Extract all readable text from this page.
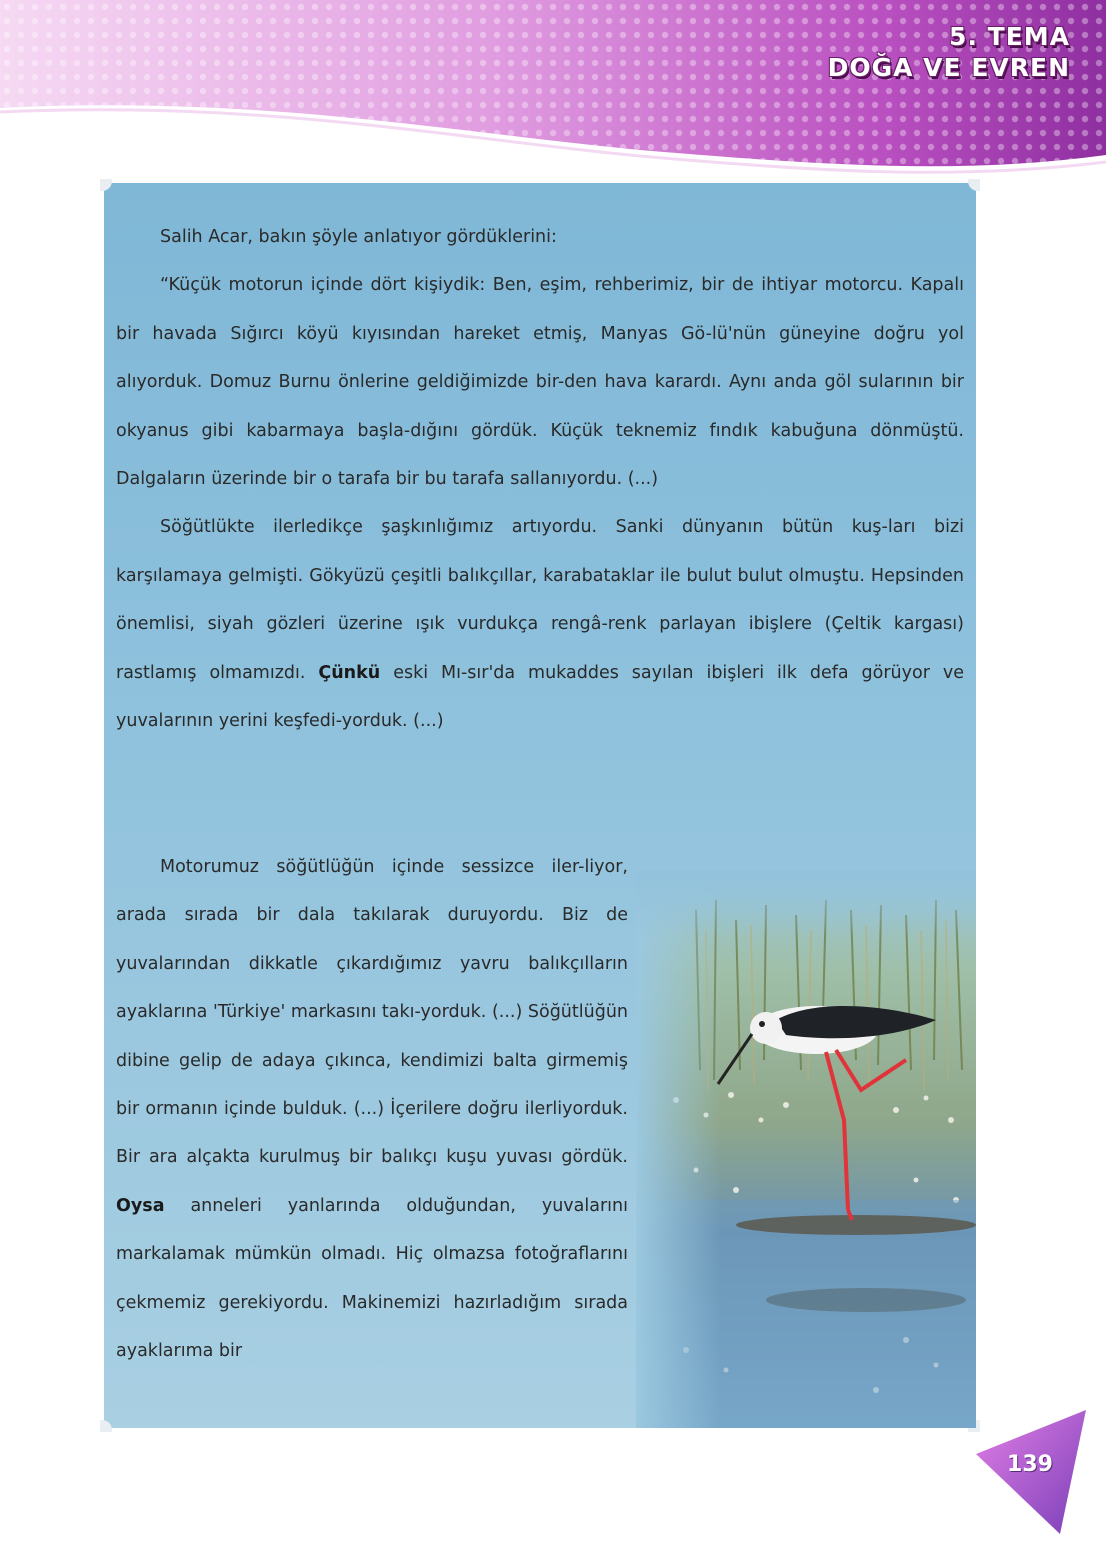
5. TEMA
DOĞA VE EVREN

Salih Acar, bakın şöyle anlatıyor gördüklerini:

“Küçük motorun içinde dört kişiydik: Ben, eşim, rehberimiz, bir de ihtiyar motorcu. Kapalı bir havada Sığırcı köyü kıyısından hareket etmiş, Manyas Gö-lü'nün güneyine doğru yol alıyorduk. Domuz Burnu önlerine geldiğimizde bir-den hava karardı. Aynı anda göl sularının bir okyanus gibi kabarmaya başla-dığını gördük. Küçük teknemiz fındık kabuğuna dönmüştü. Dalgaların üzerinde bir o tarafa bir bu tarafa sallanıyordu. (...)

Söğütlükte ilerledikçe şaşkınlığımız artıyordu. Sanki dünyanın bütün kuş-ları bizi karşılamaya gelmişti. Gökyüzü çeşitli balıkçıllar, karabataklar ile bulut bulut olmuştu. Hepsinden önemlisi, siyah gözleri üzerine ışık vurdukça rengâ-renk parlayan ibişlere (Çeltik kargası) rastlamış olmamızdı. Çünkü eski Mı-sır'da mukaddes sayılan ibişleri ilk defa görüyor ve yuvalarının yerini keşfedi-yorduk. (...)

Motorumuz söğütlüğün içinde sessizce iler-liyor, arada sırada bir dala takılarak duruyordu. Biz de yuvalarından dikkatle çıkardığımız yavru balıkçılların ayaklarına 'Türkiye' markasını takı-yorduk. (...) Söğütlüğün dibine gelip de adaya çıkınca, kendimizi balta girmemiş bir ormanın içinde bulduk. (...) İçerilere doğru ilerliyorduk. Bir ara alçakta kurulmuş bir balıkçı kuşu yuvası gördük. Oysa anneleri yanlarında olduğundan, yuvalarını markalamak mümkün olmadı. Hiç olmazsa fotoğraflarını çekmemiz gerekiyordu. Makinemizi hazırladığım sırada ayaklarıma bir

139
